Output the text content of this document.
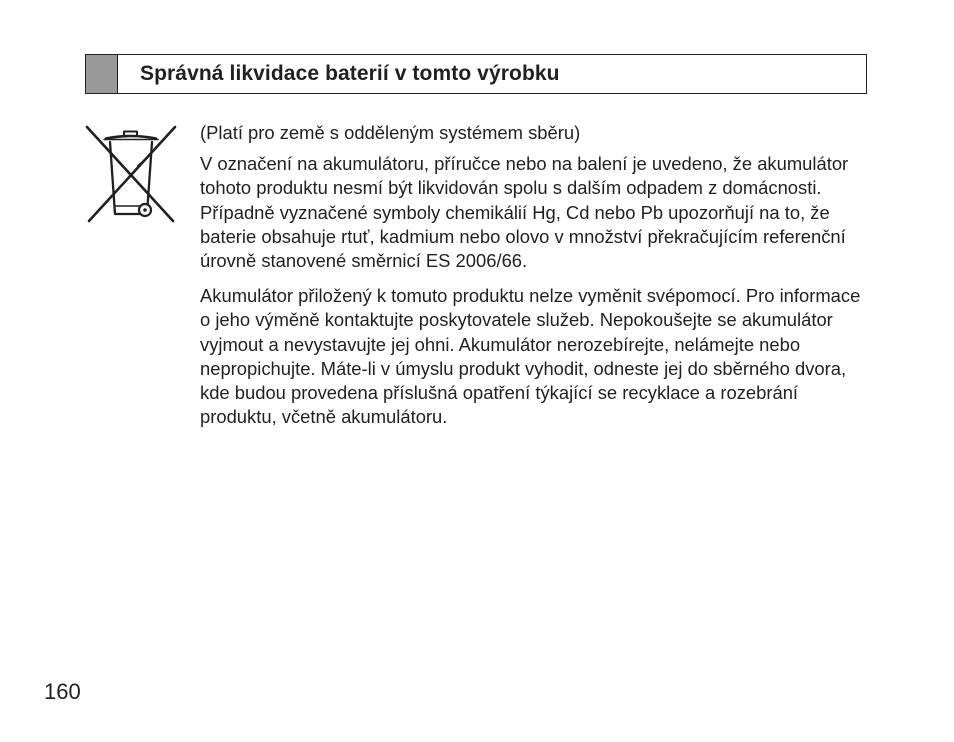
Správná likvidace baterií v tomto výrobku

(Platí pro země s odděleným systémem sběru)

V označení na akumulátoru, příručce nebo na balení je uvedeno, že akumulátor tohoto produktu nesmí být likvidován spolu s dalším odpadem z domácnosti. Případně vyznačené symboly chemikálií Hg, Cd nebo Pb upozorňují na to, že baterie obsahuje rtuť, kadmium nebo olovo v množství překračujícím referenční úrovně stanovené směrnicí ES 2006/66.

Akumulátor přiložený k tomuto produktu nelze vyměnit svépomocí. Pro informace o jeho výměně kontaktujte poskytovatele služeb. Nepokoušejte se akumulátor vyjmout a nevystavujte jej ohni. Akumulátor nerozebírejte, nelámejte nebo nepropichujte. Máte-li v úmyslu produkt vyhodit, odneste jej do sběrného dvora, kde budou provedena příslušná opatření týkající se recyklace a rozebrání produktu, včetně akumulátoru.

160
